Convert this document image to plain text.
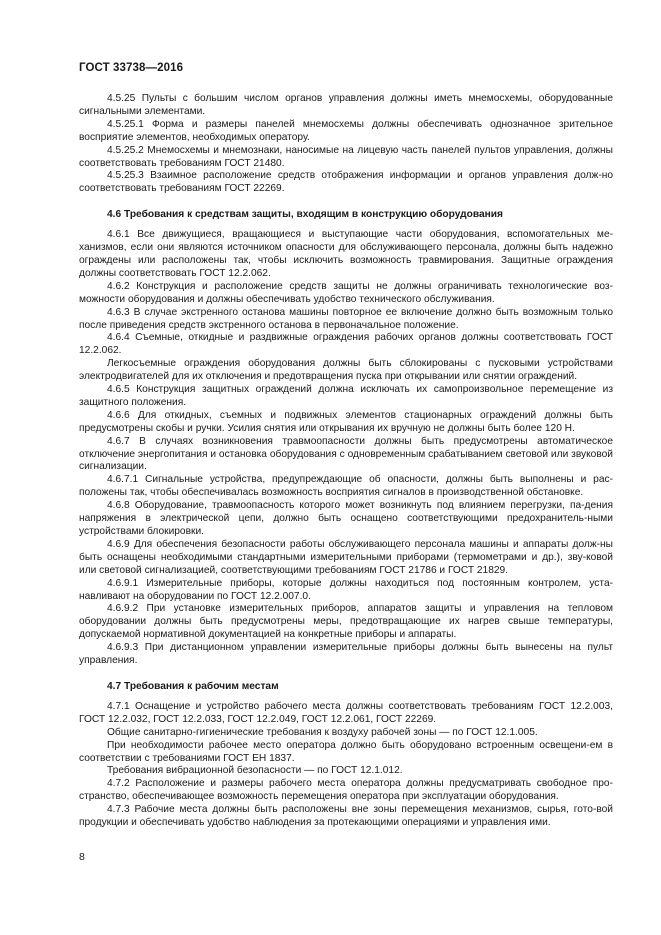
ГОСТ 33738—2016

4.5.25 Пульты с большим числом органов управления должны иметь мнемосхемы, оборудованные сигнальными элементами.

4.5.25.1 Форма и размеры панелей мнемосхемы должны обеспечивать однозначное зрительное восприятие элементов, необходимых оператору.

4.5.25.2 Мнемосхемы и мнемознаки, наносимые на лицевую часть панелей пультов управления, должны соответствовать требованиям ГОСТ 21480.

4.5.25.3 Взаимное расположение средств отображения информации и органов управления долж-но соответствовать требованиям ГОСТ 22269.

4.6 Требования к средствам защиты, входящим в конструкцию оборудования

4.6.1 Все движущиеся, вращающиеся и выступающие части оборудования, вспомогательных ме-ханизмов, если они являются источником опасности для обслуживающего персонала, должны быть надежно ограждены или расположены так, чтобы исключить возможность травмирования. Защитные ограждения должны соответствовать ГОСТ 12.2.062.

4.6.2 Конструкция и расположение средств защиты не должны ограничивать технологические воз-можности оборудования и должны обеспечивать удобство технического обслуживания.

4.6.3 В случае экстренного останова машины повторное ее включение должно быть возможным только после приведения средств экстренного останова в первоначальное положение.

4.6.4 Съемные, откидные и раздвижные ограждения рабочих органов должны соответствовать ГОСТ 12.2.062.

Легкосъемные ограждения оборудования должны быть сблокированы с пусковыми устройствами электродвигателей для их отключения и предотвращения пуска при открывании или снятии ограждений.

4.6.5 Конструкция защитных ограждений должна исключать их самопроизвольное перемещение из защитного положения.

4.6.6 Для откидных, съемных и подвижных элементов стационарных ограждений должны быть предусмотрены скобы и ручки. Усилия снятия или открывания их вручную не должны быть более 120 Н.

4.6.7 В случаях возникновения травмоопасности должны быть предусмотрены автоматическое отключение энергопитания и остановка оборудования с одновременным срабатыванием световой или звуковой сигнализации.

4.6.7.1 Сигнальные устройства, предупреждающие об опасности, должны быть выполнены и рас-положены так, чтобы обеспечивалась возможность восприятия сигналов в производственной обстановке.

4.6.8 Оборудование, травмоопасность которого может возникнуть под влиянием перегрузки, па-дения напряжения в электрической цепи, должно быть оснащено соответствующими предохранитель-ными устройствами блокировки.

4.6.9 Для обеспечения безопасности работы обслуживающего персонала машины и аппараты долж-ны быть оснащены необходимыми стандартными измерительными приборами (термометрами и др.), зву-ковой или световой сигнализацией, соответствующими требованиям ГОСТ 21786 и ГОСТ 21829.

4.6.9.1 Измерительные приборы, которые должны находиться под постоянным контролем, уста-навливают на оборудовании по ГОСТ 12.2.007.0.

4.6.9.2 При установке измерительных приборов, аппаратов защиты и управления на тепловом оборудовании должны быть предусмотрены меры, предотвращающие их нагрев свыше температуры, допускаемой нормативной документацией на конкретные приборы и аппараты.

4.6.9.3 При дистанционном управлении измерительные приборы должны быть вынесены на пульт управления.

4.7 Требования к рабочим местам

4.7.1 Оснащение и устройство рабочего места должны соответствовать требованиям ГОСТ 12.2.003, ГОСТ 12.2.032, ГОСТ 12.2.033, ГОСТ 12.2.049, ГОСТ 12.2.061, ГОСТ 22269.

Общие санитарно-гигиенические требования к воздуху рабочей зоны — по ГОСТ 12.1.005.

При необходимости рабочее место оператора должно быть оборудовано встроенным освещени-ем в соответствии с требованиями ГОСТ ЕН 1837.

Требования вибрационной безопасности — по ГОСТ 12.1.012.

4.7.2 Расположение и размеры рабочего места оператора должны предусматривать свободное про-странство, обеспечивающее возможность перемещения оператора при эксплуатации оборудования.

4.7.3 Рабочие места должны быть расположены вне зоны перемещения механизмов, сырья, гото-вой продукции и обеспечивать удобство наблюдения за протекающими операциями и управления ими.

8
